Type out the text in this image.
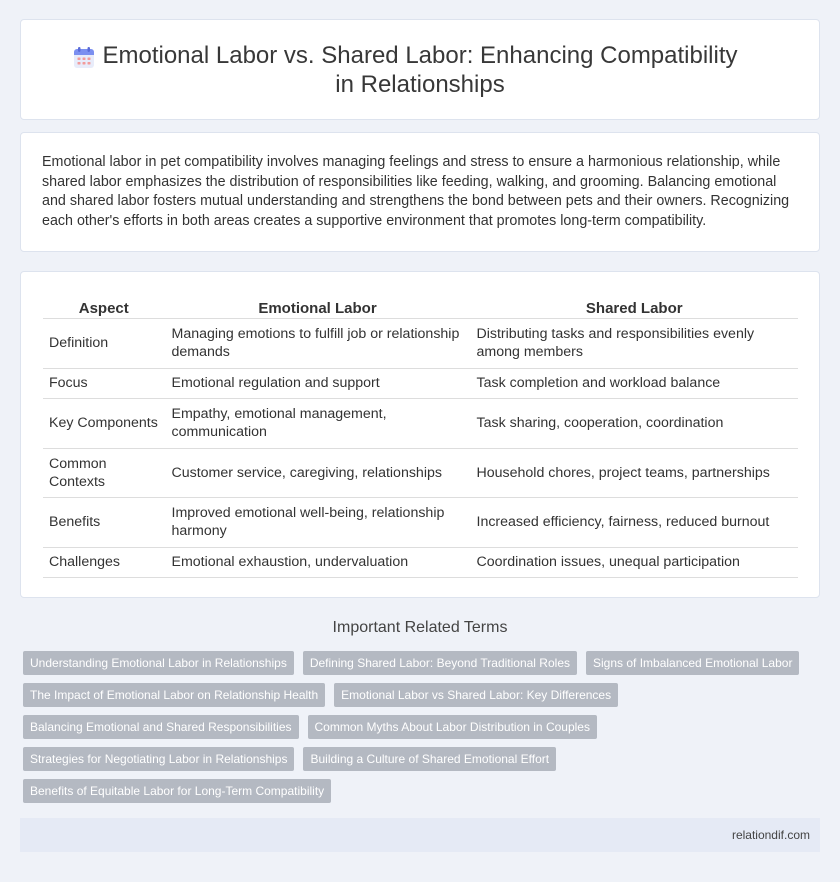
Emotional Labor vs. Shared Labor: Enhancing Compatibility in Relationships

Emotional labor in pet compatibility involves managing feelings and stress to ensure a harmonious relationship, while shared labor emphasizes the distribution of responsibilities like feeding, walking, and grooming. Balancing emotional and shared labor fosters mutual understanding and strengthens the bond between pets and their owners. Recognizing each other's efforts in both areas creates a supportive environment that promotes long-term compatibility.

Aspect	Emotional Labor	Shared Labor
Definition	Managing emotions to fulfill job or relationship demands	Distributing tasks and responsibilities evenly among members
Focus	Emotional regulation and support	Task completion and workload balance
Key Components	Empathy, emotional management, communication	Task sharing, cooperation, coordination
Common Contexts	Customer service, caregiving, relationships	Household chores, project teams, partnerships
Benefits	Improved emotional well-being, relationship harmony	Increased efficiency, fairness, reduced burnout
Challenges	Emotional exhaustion, undervaluation	Coordination issues, unequal participation
Important Related Terms
Understanding Emotional Labor in Relationships	Defining Shared Labor: Beyond Traditional Roles	Signs of Imbalanced Emotional Labor
The Impact of Emotional Labor on Relationship Health	Emotional Labor vs Shared Labor: Key Differences
Balancing Emotional and Shared Responsibilities	Common Myths About Labor Distribution in Couples
Strategies for Negotiating Labor in Relationships	Building a Culture of Shared Emotional Effort
Benefits of Equitable Labor for Long-Term Compatibility
relationdif.com
